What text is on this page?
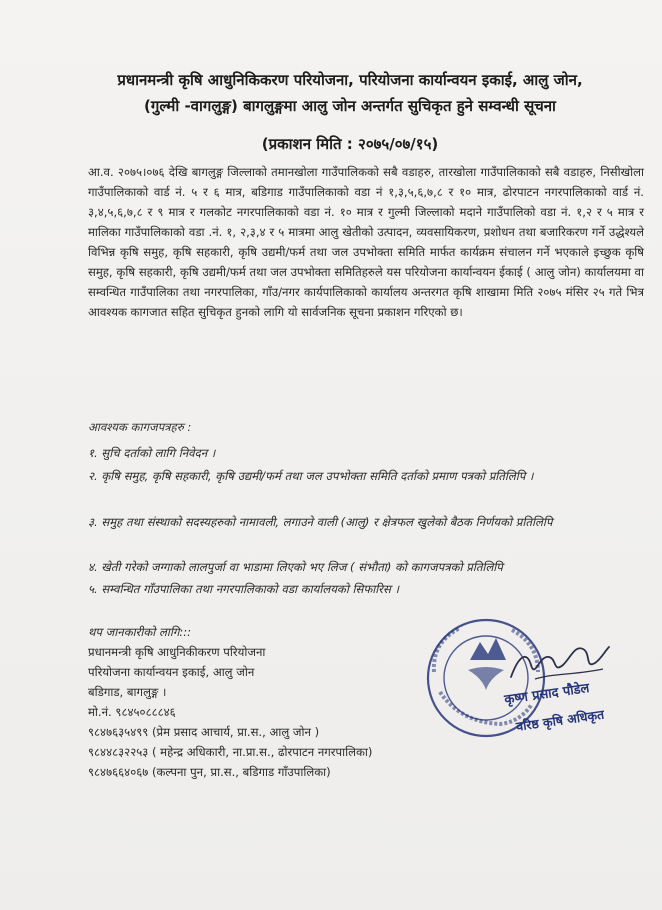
प्रधानमन्त्री कृषि आधुनिकिकरण परियोजना, परियोजना कार्यान्वयन इकाई, आलु जोन,
(गुल्मी -वागलुङ्ग) बागलुङ्गमा आलु जोन अन्तर्गत सुचिकृत हुने सम्वन्धी सूचना
(प्रकाशन मिति : २०७५/०७/१५)
आ.व. २०७५।०७६ देखि बागलुङ्ग जिल्लाको तमानखोला गाउँपालिकको सबै वडाहरु, तारखोला गाउँपालिकाको सबै वडाहरु, निसीखोला गाउँपालिकाको वार्ड नं. ५ र ६ मात्र, बडिगाड गाउँपालिकाको वडा नं १,३,५,६,७,८ र १० मात्र, ढोरपाटन नगरपालिकाको वार्ड नं. ३,४,५,६,७,८ र ९ मात्र र गलकोट नगरपालिकाको वडा नं. १० मात्र र गुल्मी जिल्लाको मदाने गाउँपालिको वडा नं. १,२ र ५ मात्र र मालिका गाउँपालिकाको वडा .नं. १, २,३,४ र ५ मात्रमा आलु खेतीको उत्पादन, व्यवसायिकरण, प्रशोधन तथा बजारिकरण गर्ने उद्धेश्यले विभिन्न कृषि समुह, कृषि सहकारी, कृषि उद्यमी/फर्म तथा जल उपभोक्ता समिति मार्फत कार्यक्रम संचालन गर्ने भएकाले इच्छुक कृषि समुह, कृषि सहकारी, कृषि उद्यमी/फर्म तथा जल उपभोक्ता समितिहरुले यस परियोजना कार्यान्वयन ईकाई ( आलु जोन) कार्यालयमा वा सम्वन्धित गाउँपालिका तथा नगरपालिका, गाँउ/नगर कार्यपालिकाको कार्यालय अन्तरगत कृषि शाखामा मिति २०७५ मंसिर २५ गते भित्र आवश्यक कागजात सहित सुचिकृत हुनको लागि यो सार्वजनिक सूचना प्रकाशन गरिएको छ।
आवश्यक कागजपत्रहरु :
१. सुचि दर्ताको लागि निवेदन ।
२. कृषि समुह, कृषि सहकारी, कृषि उद्यमी/फर्म तथा जल उपभोक्ता समिति दर्ताको प्रमाण पत्रको प्रतिलिपि ।
३. समुह तथा संस्थाको सदस्यहरुको नामावली, लगाउने वाली (आलु) र क्षेत्रफल खुलेको बैठक निर्णयको प्रतिलिपि
४. खेती गरेको जग्गाको लालपुर्जा वा भाडामा लिएको भए लिज ( संभौता) को कागजपत्रको प्रतिलिपि
५. सम्वन्धित गाँउपालिका तथा नगरपालिकाको वडा कार्यालयको सिफारिस ।
थप जानकारीको लागि:::
प्रधानमन्त्री कृषि आधुनिकीकरण परियोजना
परियोजना कार्यान्वयन इकाई, आलु जोन
बडिगाड, बागलुङ्ग ।
मो.नं. ९८४५०८८८४६
९८४७६३५४९९ (प्रेम प्रसाद आचार्य, प्रा.स., आलु जोन )
९८४४८३२२५३ ( महेन्द्र अधिकारी, ना.प्रा.स., ढोरपाटन नगरपालिका)
९८४७६६४०६७ (कल्पना पुन, प्रा.स., बडिगाड गाँउपालिका)
कृष्ण प्रसाद पौडेल
वरिष्ठ कृषि अधिकृत
